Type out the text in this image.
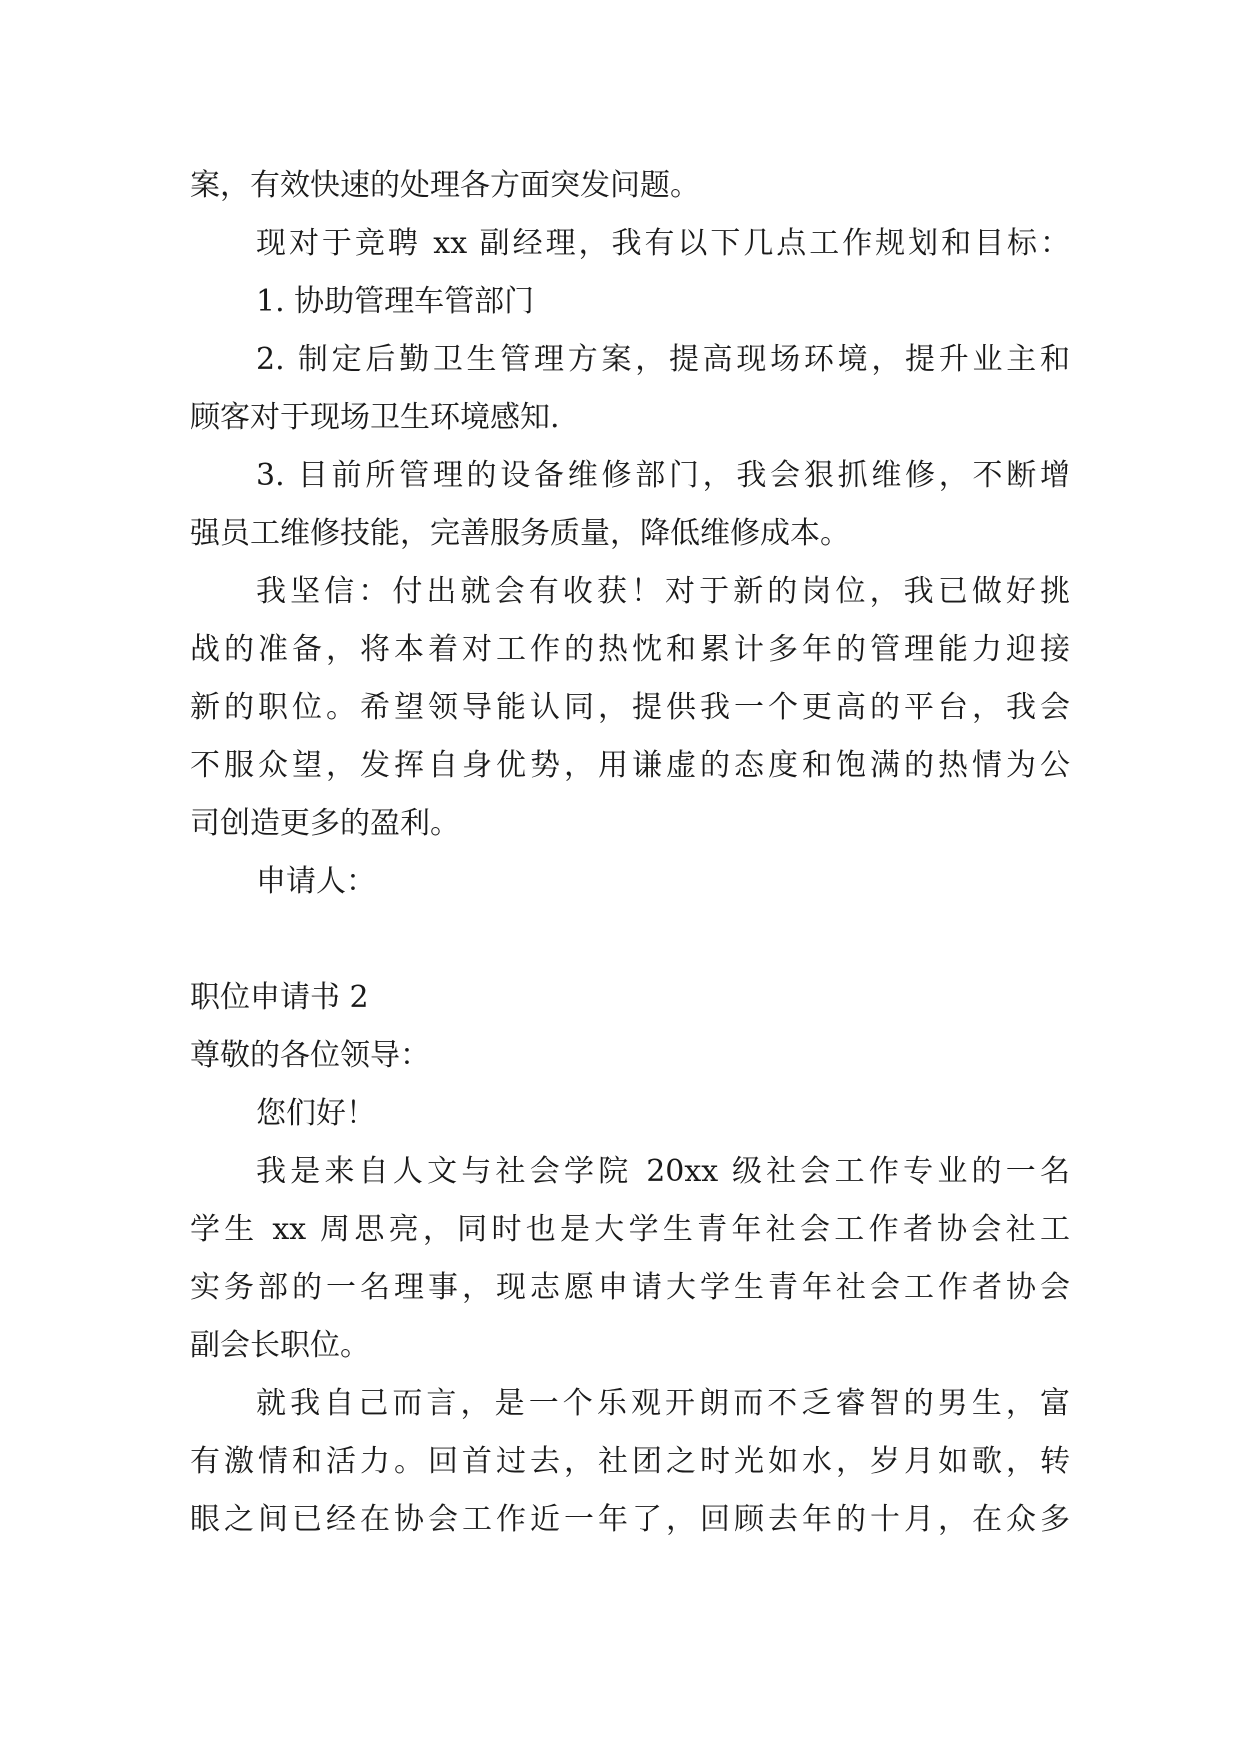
案，有效快速的处理各方面突发问题。
现对于竞聘 xx 副经理，我有以下几点工作规划和目标：
1. 协助管理车管部门
2. 制定后勤卫生管理方案，提高现场环境，提升业主和
顾客对于现场卫生环境感知.
3. 目前所管理的设备维修部门，我会狠抓维修，不断增
强员工维修技能，完善服务质量，降低维修成本。
我坚信：付出就会有收获！对于新的岗位，我已做好挑
战的准备，将本着对工作的热忱和累计多年的管理能力迎接
新的职位。希望领导能认同，提供我一个更高的平台，我会
不服众望，发挥自身优势，用谦虚的态度和饱满的热情为公
司创造更多的盈利。
申请人：
职位申请书 2
尊敬的各位领导：
您们好！
我是来自人文与社会学院 20xx 级社会工作专业的一名
学生 xx 周思亮，同时也是大学生青年社会工作者协会社工
实务部的一名理事，现志愿申请大学生青年社会工作者协会
副会长职位。
就我自己而言，是一个乐观开朗而不乏睿智的男生，富
有激情和活力。回首过去，社团之时光如水，岁月如歌，转
眼之间已经在协会工作近一年了，回顾去年的十月，在众多
